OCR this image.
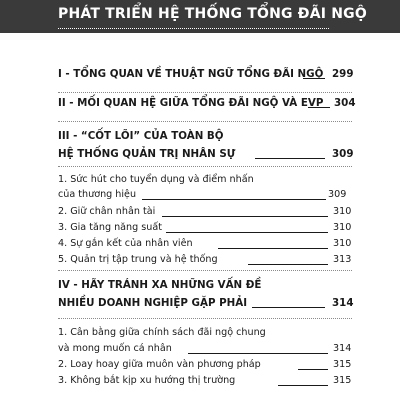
PHÁT TRIỂN HỆ THỐNG TỔNG ĐÃI NGỘ
I - TỔNG QUAN VỀ THUẬT NGỮ TỔNG ĐÃI NGỘ 299
II - MỐI QUAN HỆ GIỮA TỔNG ĐÃI NGỘ VÀ EVP 304
III - “CỐT LÕI” CỦA TOÀN BỘ
HỆ THỐNG QUẢN TRỊ NHÂN SỰ	309
1. Sức hút cho tuyển dụng và điểm nhấn
của thương hiệu	309
2. Giữ chân nhân tài	310
3. Gia tăng năng suất	310
4. Sự gắn kết của nhân viên	310
5. Quản trị tập trung và hệ thống	313
IV - HÃY TRÁNH XA NHỮNG VẤN ĐỀ
NHIỀU DOANH NGHIỆP GẶP PHẢI	314
1. Cân bằng giữa chính sách đãi ngộ chung
và mong muốn cá nhân	314
2. Loay hoay giữa muôn vàn phương pháp	315
3. Không bắt kịp xu hướng thị trường	315
